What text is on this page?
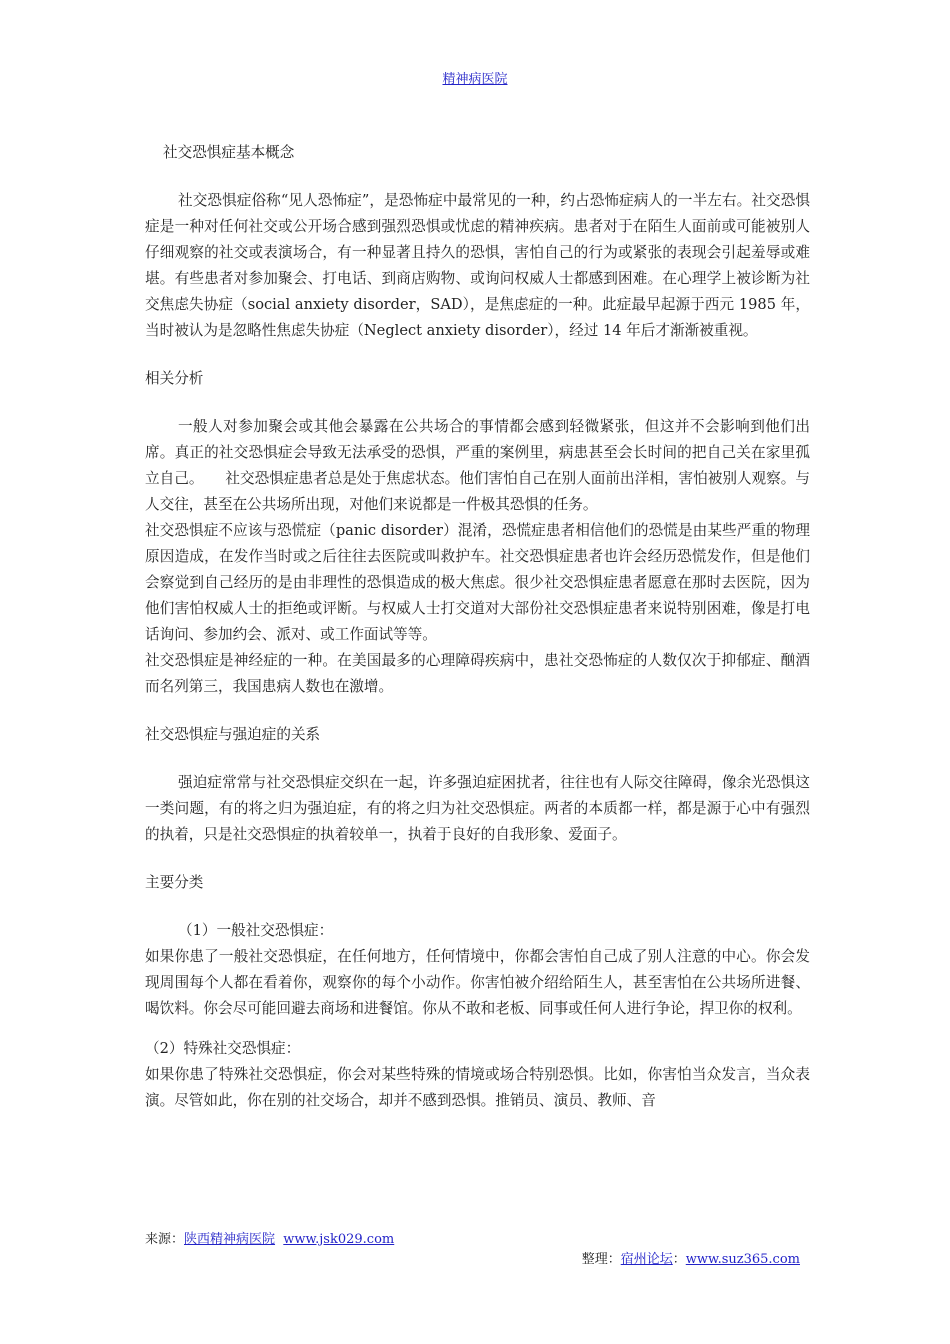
精神病医院

社交恐惧症基本概念

社交恐惧症俗称“见人恐怖症”，是恐怖症中最常见的一种，约占恐怖症病人的一半左右。社交恐惧症是一种对任何社交或公开场合感到强烈恐惧或忧虑的精神疾病。患者对于在陌生人面前或可能被别人仔细观察的社交或表演场合，有一种显著且持久的恐惧，害怕自己的行为或紧张的表现会引起羞辱或难堪。有些患者对参加聚会、打电话、到商店购物、或询问权威人士都感到困难。在心理学上被诊断为社交焦虑失协症（social anxiety disorder，SAD），是焦虑症的一种。此症最早起源于西元 1985 年，当时被认为是忽略性焦虑失协症（Neglect anxiety disorder），经过 14 年后才渐渐被重视。

相关分析

一般人对参加聚会或其他会暴露在公共场合的事情都会感到轻微紧张，但这并不会影响到他们出席。真正的社交恐惧症会导致无法承受的恐惧，严重的案例里，病患甚至会长时间的把自己关在家里孤立自己。　　社交恐惧症患者总是处于焦虑状态。他们害怕自己在别人面前出洋相，害怕被别人观察。与人交往，甚至在公共场所出现，对他们来说都是一件极其恐惧的任务。

社交恐惧症不应该与恐慌症（panic disorder）混淆，恐慌症患者相信他们的恐慌是由某些严重的物理原因造成，在发作当时或之后往往去医院或叫救护车。社交恐惧症患者也许会经历恐慌发作，但是他们会察觉到自己经历的是由非理性的恐惧造成的极大焦虑。很少社交恐惧症患者愿意在那时去医院，因为他们害怕权威人士的拒绝或评断。与权威人士打交道对大部份社交恐惧症患者来说特别困难，像是打电话询问、参加约会、派对、或工作面试等等。

社交恐惧症是神经症的一种。在美国最多的心理障碍疾病中，患社交恐怖症的人数仅次于抑郁症、酗酒而名列第三，我国患病人数也在激增。

社交恐惧症与强迫症的关系

强迫症常常与社交恐惧症交织在一起，许多强迫症困扰者，往往也有人际交往障碍，像余光恐惧这一类问题，有的将之归为强迫症，有的将之归为社交恐惧症。两者的本质都一样，都是源于心中有强烈的执着，只是社交恐惧症的执着较单一，执着于良好的自我形象、爱面子。

主要分类

（1）一般社交恐惧症：

如果你患了一般社交恐惧症，在任何地方，任何情境中，你都会害怕自己成了别人注意的中心。你会发现周围每个人都在看着你，观察你的每个小动作。你害怕被介绍给陌生人，甚至害怕在公共场所进餐、喝饮料。你会尽可能回避去商场和进餐馆。你从不敢和老板、同事或任何人进行争论，捍卫你的权利。

（2）特殊社交恐惧症：

如果你患了特殊社交恐惧症，你会对某些特殊的情境或场合特别恐惧。比如，你害怕当众发言，当众表演。尽管如此，你在别的社交场合，却并不感到恐惧。推销员、演员、教师、音

来源：陕西精神病医院 www.jsk029.com
整理：宿州论坛：www.suz365.com
